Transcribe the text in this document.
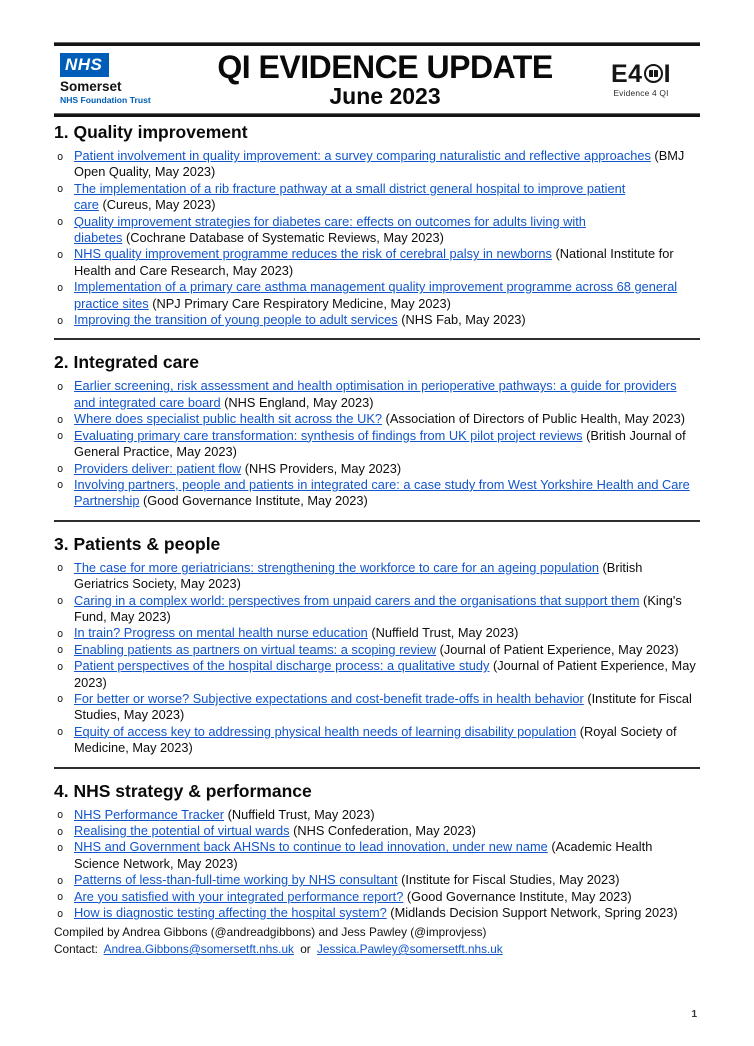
NHS
Somerset
NHS Foundation Trust
QI EVIDENCE UPDATE
June 2023
E4 I
Evidence 4 QI
1. Quality improvement
o Patient involvement in quality improvement: a survey comparing naturalistic and reflective approaches (BMJ Open Quality, May 2023)
o The implementation of a rib fracture pathway at a small district general hospital to improve patient care (Cureus, May 2023)
o Quality improvement strategies for diabetes care: effects on outcomes for adults living with diabetes (Cochrane Database of Systematic Reviews, May 2023)
o NHS quality improvement programme reduces the risk of cerebral palsy in newborns (National Institute for Health and Care Research, May 2023)
o Implementation of a primary care asthma management quality improvement programme across 68 general practice sites (NPJ Primary Care Respiratory Medicine, May 2023)
o Improving the transition of young people to adult services (NHS Fab, May 2023)
2. Integrated care
o Earlier screening, risk assessment and health optimisation in perioperative pathways: a guide for providers and integrated care board (NHS England, May 2023)
o Where does specialist public health sit across the UK? (Association of Directors of Public Health, May 2023)
o Evaluating primary care transformation: synthesis of findings from UK pilot project reviews (British Journal of General Practice, May 2023)
o Providers deliver: patient flow (NHS Providers, May 2023)
o Involving partners, people and patients in integrated care: a case study from West Yorkshire Health and Care Partnership (Good Governance Institute, May 2023)
3. Patients & people
o The case for more geriatricians: strengthening the workforce to care for an ageing population (British Geriatrics Society, May 2023)
o Caring in a complex world: perspectives from unpaid carers and the organisations that support them (King's Fund, May 2023)
o In train? Progress on mental health nurse education (Nuffield Trust, May 2023)
o Enabling patients as partners on virtual teams: a scoping review (Journal of Patient Experience, May 2023)
o Patient perspectives of the hospital discharge process: a qualitative study (Journal of Patient Experience, May 2023)
o For better or worse? Subjective expectations and cost-benefit trade-offs in health behavior (Institute for Fiscal Studies, May 2023)
o Equity of access key to addressing physical health needs of learning disability population (Royal Society of Medicine, May 2023)
4. NHS strategy & performance
o NHS Performance Tracker (Nuffield Trust, May 2023)
o Realising the potential of virtual wards (NHS Confederation, May 2023)
o NHS and Government back AHSNs to continue to lead innovation, under new name (Academic Health Science Network, May 2023)
o Patterns of less-than-full-time working by NHS consultant (Institute for Fiscal Studies, May 2023)
o Are you satisfied with your integrated performance report? (Good Governance Institute, May 2023)
o How is diagnostic testing affecting the hospital system? (Midlands Decision Support Network, Spring 2023)
Compiled by Andrea Gibbons (@andreadgibbons) and Jess Pawley (@improvjess)
Contact: Andrea.Gibbons@somersetft.nhs.uk or Jessica.Pawley@somersetft.nhs.uk
1
